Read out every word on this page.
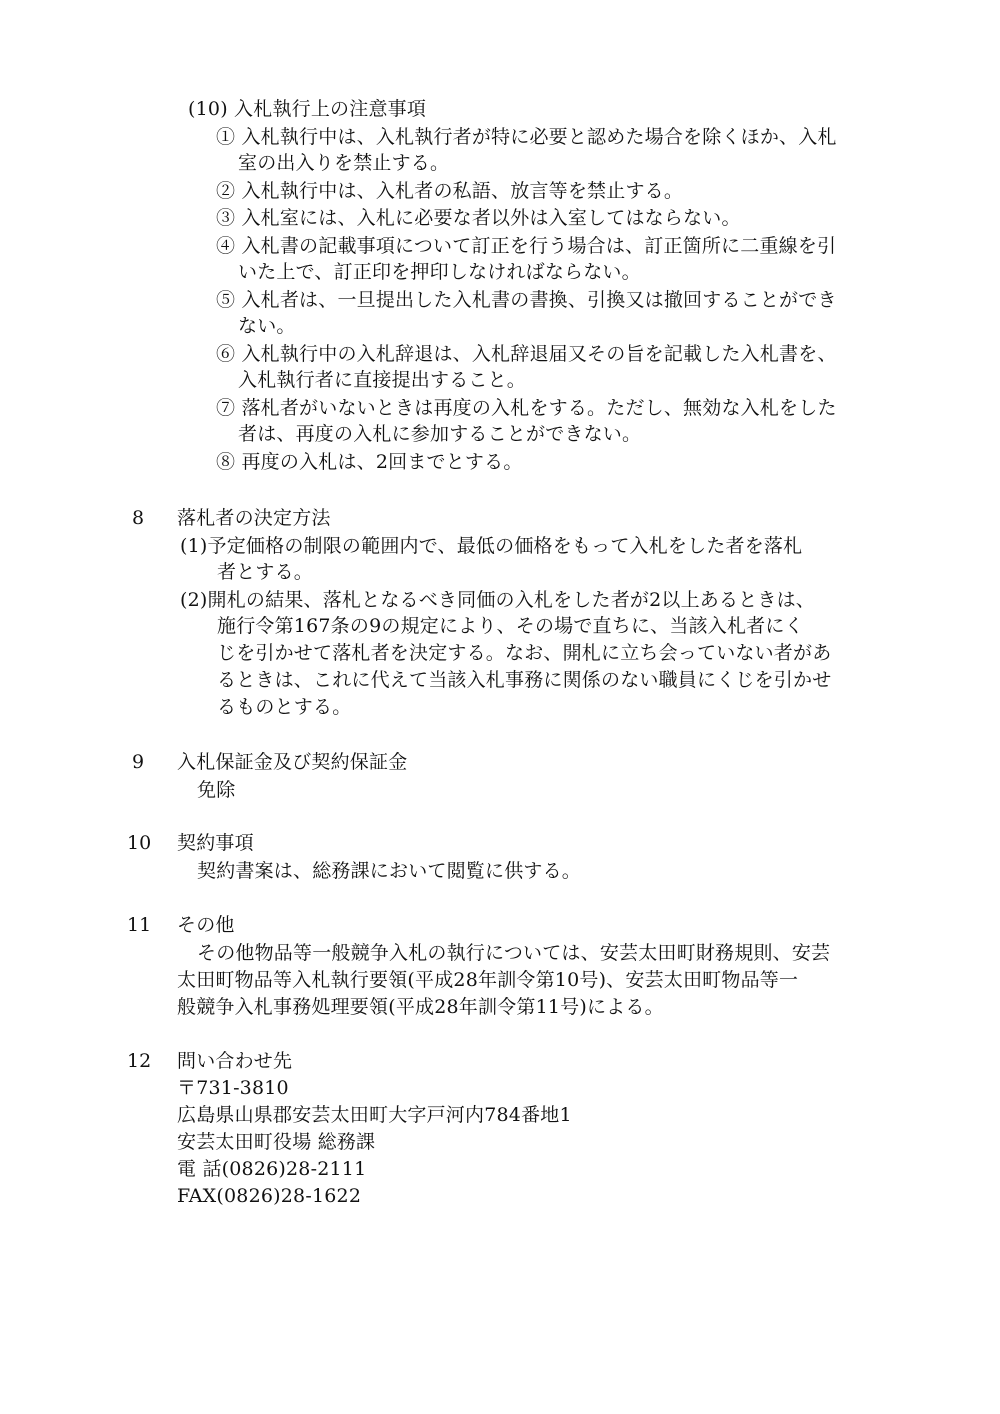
(10) 入札執行上の注意事項
① 入札執行中は、入札執行者が特に必要と認めた場合を除くほか、入札
室の出入りを禁止する。
② 入札執行中は、入札者の私語、放言等を禁止する。
③ 入札室には、入札に必要な者以外は入室してはならない。
④ 入札書の記載事項について訂正を行う場合は、訂正箇所に二重線を引
いた上で、訂正印を押印しなければならない。
⑤ 入札者は、一旦提出した入札書の書換、引換又は撤回することができ
ない。
⑥ 入札執行中の入札辞退は、入札辞退届又その旨を記載した入札書を、
入札執行者に直接提出すること。
⑦ 落札者がいないときは再度の入札をする。ただし、無効な入札をした
者は、再度の入札に参加することができない。
⑧ 再度の入札は、2回までとする。
8 落札者の決定方法
(1)予定価格の制限の範囲内で、最低の価格をもって入札をした者を落札
者とする。
(2)開札の結果、落札となるべき同価の入札をした者が2以上あるときは、
施行令第167条の9の規定により、その場で直ちに、当該入札者にく
じを引かせて落札者を決定する。なお、開札に立ち会っていない者があ
るときは、これに代えて当該入札事務に関係のない職員にくじを引かせ
るものとする。
9 入札保証金及び契約保証金
免除
10 契約事項
契約書案は、総務課において閲覧に供する。
11 その他
その他物品等一般競争入札の執行については、安芸太田町財務規則、安芸
太田町物品等入札執行要領(平成28年訓令第10号)、安芸太田町物品等一
般競争入札事務処理要領(平成28年訓令第11号)による。
12 問い合わせ先
〒731-3810
広島県山県郡安芸太田町大字戸河内784番地1
安芸太田町役場 総務課
電 話(0826)28-2111
FAX(0826)28-1622
